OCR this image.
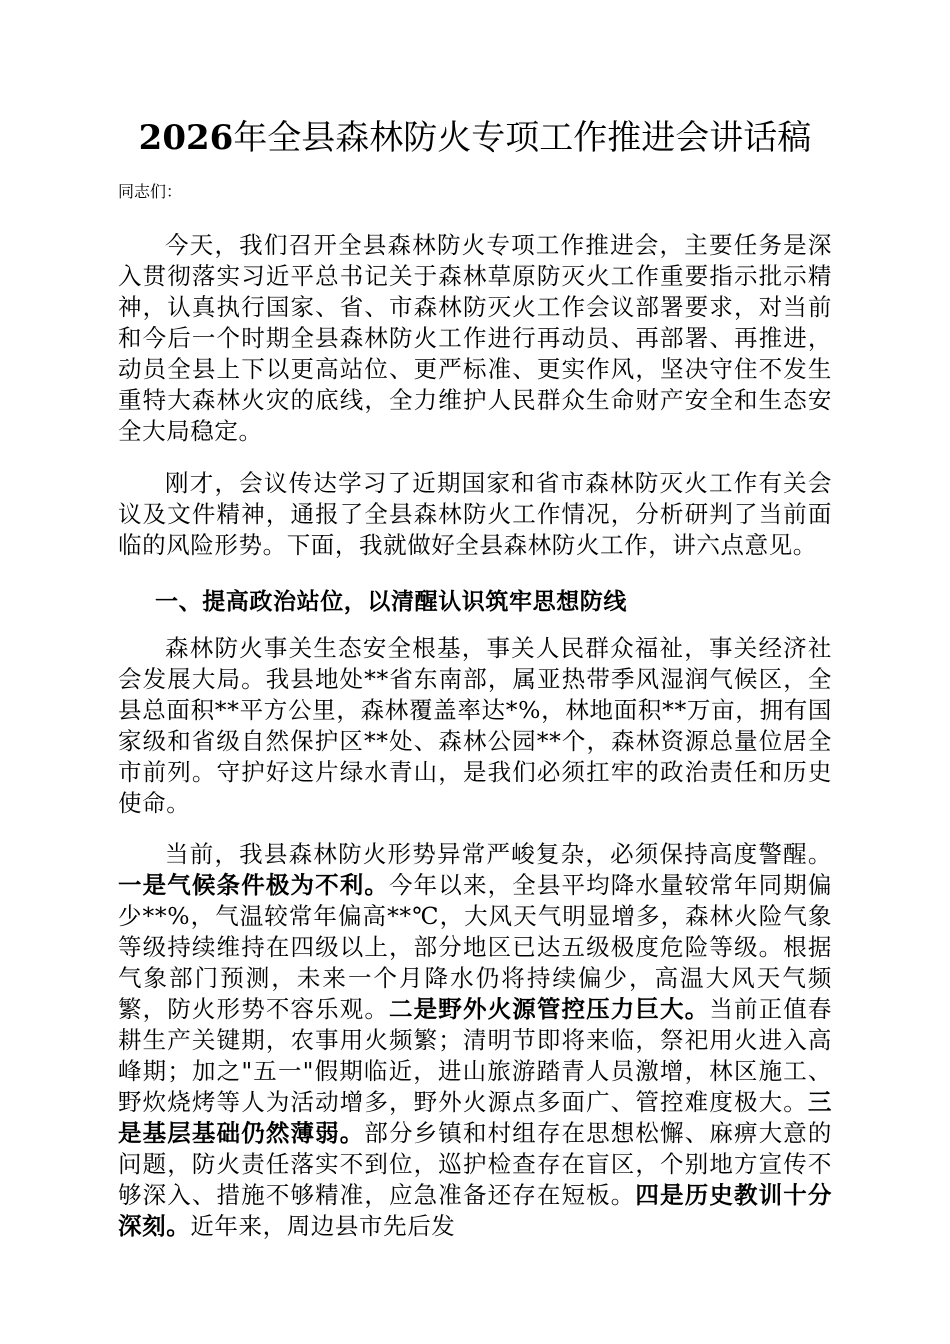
2026年全县森林防火专项工作推进会讲话稿

同志们：

今天，我们召开全县森林防火专项工作推进会，主要任务是深入贯彻落实习近平总书记关于森林草原防灭火工作重要指示批示精神，认真执行国家、省、市森林防灭火工作会议部署要求，对当前和今后一个时期全县森林防火工作进行再动员、再部署、再推进，动员全县上下以更高站位、更严标准、更实作风，坚决守住不发生重特大森林火灾的底线，全力维护人民群众生命财产安全和生态安全大局稳定。

刚才，会议传达学习了近期国家和省市森林防灭火工作有关会议及文件精神，通报了全县森林防火工作情况，分析研判了当前面临的风险形势。下面，我就做好全县森林防火工作，讲六点意见。

一、提高政治站位，以清醒认识筑牢思想防线

森林防火事关生态安全根基，事关人民群众福祉，事关经济社会发展大局。我县地处**省东南部，属亚热带季风湿润气候区，全县总面积**平方公里，森林覆盖率达*%，林地面积**万亩，拥有国家级和省级自然保护区**处、森林公园**个，森林资源总量位居全市前列。守护好这片绿水青山，是我们必须扛牢的政治责任和历史使命。

当前，我县森林防火形势异常严峻复杂，必须保持高度警醒。一是气候条件极为不利。今年以来，全县平均降水量较常年同期偏少**%，气温较常年偏高**℃，大风天气明显增多，森林火险气象等级持续维持在四级以上，部分地区已达五级极度危险等级。根据气象部门预测，未来一个月降水仍将持续偏少，高温大风天气频繁，防火形势不容乐观。二是野外火源管控压力巨大。当前正值春耕生产关键期，农事用火频繁；清明节即将来临，祭祀用火进入高峰期；加之"五一"假期临近，进山旅游踏青人员激增，林区施工、野炊烧烤等人为活动增多，野外火源点多面广、管控难度极大。三是基层基础仍然薄弱。部分乡镇和村组存在思想松懈、麻痹大意的问题，防火责任落实不到位，巡护检查存在盲区，个别地方宣传不够深入、措施不够精准，应急准备还存在短板。四是历史教训十分深刻。近年来，周边县市先后发
